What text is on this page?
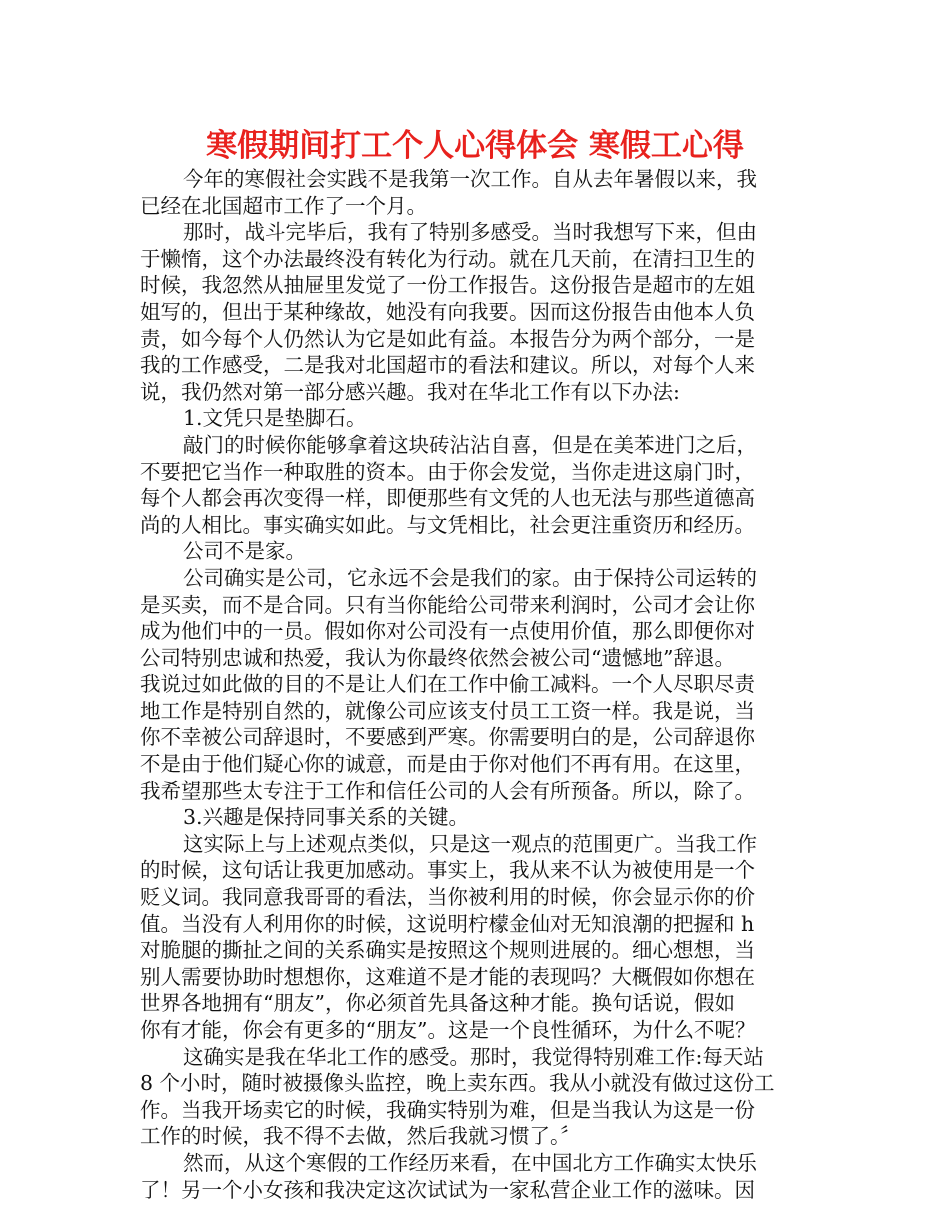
寒假期间打工个人心得体会 寒假工心得
今年的寒假社会实践不是我第一次工作。自从去年暑假以来，我
已经在北国超市工作了一个月。
那时，战斗完毕后，我有了特别多感受。当时我想写下来，但由
于懒惰，这个办法最终没有转化为行动。就在几天前，在清扫卫生的
时候，我忽然从抽屉里发觉了一份工作报告。这份报告是超市的左姐
姐写的，但出于某种缘故，她没有向我要。因而这份报告由他本人负
责，如今每个人仍然认为它是如此有益。本报告分为两个部分，一是
我的工作感受，二是我对北国超市的看法和建议。所以，对每个人来
说，我仍然对第一部分感兴趣。我对在华北工作有以下办法:
1.文凭只是垫脚石。
敲门的时候你能够拿着这块砖沾沾自喜，但是在美苯进门之后，
不要把它当作一种取胜的资本。由于你会发觉，当你走进这扇门时，
每个人都会再次变得一样，即便那些有文凭的人也无法与那些道德高
尚的人相比。事实确实如此。与文凭相比，社会更注重资历和经历。
公司不是家。
公司确实是公司，它永远不会是我们的家。由于保持公司运转的
是买卖，而不是合同。只有当你能给公司带来利润时，公司才会让你
成为他们中的一员。假如你对公司没有一点使用价值，那么即便你对
公司特别忠诚和热爱，我认为你最终依然会被公司“遗憾地”辞退。
我说过如此做的目的不是让人们在工作中偷工减料。一个人尽职尽责
地工作是特别自然的，就像公司应该支付员工工资一样。我是说，当
你不幸被公司辞退时，不要感到严寒。你需要明白的是，公司辞退你
不是由于他们疑心你的诚意，而是由于你对他们不再有用。在这里，
我希望那些太专注于工作和信任公司的人会有所预备。所以，除了。
3.兴趣是保持同事关系的关键。
这实际上与上述观点类似，只是这一观点的范围更广。当我工作
的时候，这句话让我更加感动。事实上，我从来不认为被使用是一个
贬义词。我同意我哥哥的看法，当你被利用的时候，你会显示你的价
值。当没有人利用你的时候，这说明柠檬金仙对无知浪潮的把握和 h
对脆腿的撕扯之间的关系确实是按照这个规则进展的。细心想想，当
别人需要协助时想想你，这难道不是才能的表现吗？大概假如你想在
世界各地拥有“朋友”，你必须首先具备这种才能。换句话说，假如
你有才能，你会有更多的“朋友”。这是一个良性循环，为什么不呢？
这确实是我在华北工作的感受。那时，我觉得特别难工作:每天站
8 个小时，随时被摄像头监控，晚上卖东西。我从小就没有做过这份工
作。当我开场卖它的时候，我确实特别为难，但是当我认为这是一份
工作的时候，我不得不去做，然后我就习惯了。〞
然而，从这个寒假的工作经历来看，在中国北方工作确实太快乐
了！另一个小女孩和我决定这次试试为一家私营企业工作的滋味。因
